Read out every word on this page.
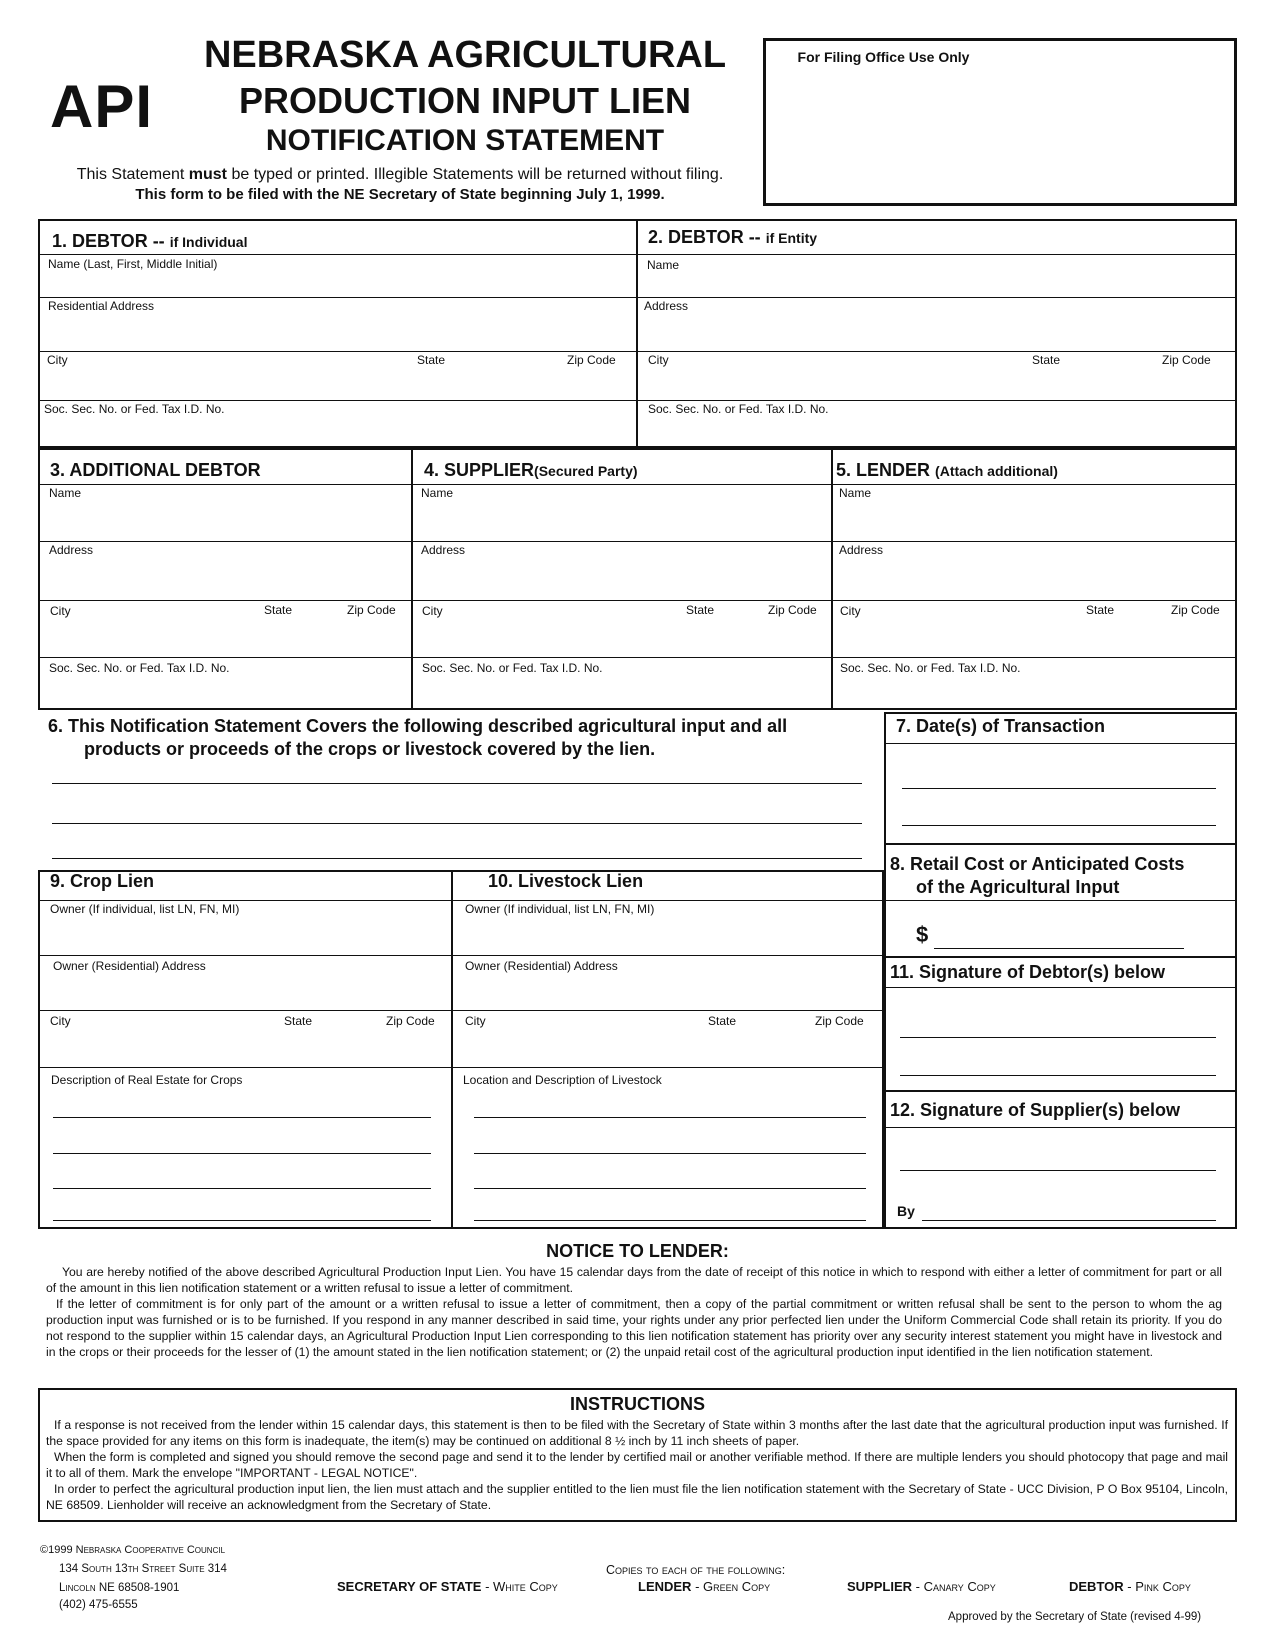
API
NEBRASKA AGRICULTURAL
PRODUCTION INPUT LIEN
NOTIFICATION STATEMENT
This Statement must be typed or printed. Illegible Statements will be returned without filing.
This form to be filed with the NE Secretary of State beginning July 1, 1999.
For Filing Office Use Only
1. DEBTOR -- if Individual
Name (Last, First, Middle Initial)
Residential Address
City	State	Zip Code
Soc. Sec. No. or Fed. Tax I.D. No.
2. DEBTOR -- if Entity
Name
Address
City	State	Zip Code
Soc. Sec. No. or Fed. Tax I.D. No.
3. ADDITIONAL DEBTOR
Name
Address
City	State	Zip Code
Soc. Sec. No. or Fed. Tax I.D. No.
4. SUPPLIER(Secured Party)
Name
Address
City	State	Zip Code
Soc. Sec. No. or Fed. Tax I.D. No.
5. LENDER (Attach additional)
Name
Address
City	State	Zip Code
Soc. Sec. No. or Fed. Tax I.D. No.
6. This Notification Statement Covers the following described agricultural input and all
products or proceeds of the crops or livestock covered by the lien.
7. Date(s) of Transaction
8. Retail Cost or Anticipated Costs
of the Agricultural Input
$
11. Signature of Debtor(s) below
12. Signature of Supplier(s) below
By
9. Crop Lien
Owner (If individual, list LN, FN, MI)
Owner (Residential) Address
City	State	Zip Code
Description of Real Estate for Crops
10. Livestock Lien
Owner (If individual, list LN, FN, MI)
Owner (Residential) Address
City	State	Zip Code
Location and Description of Livestock
NOTICE TO LENDER:
You are hereby notified of the above described Agricultural Production Input Lien. You have 15 calendar days from the date of receipt of this notice in which to respond with either a letter of commitment for part or all of the amount in this lien notification statement or a written refusal to issue a letter of commitment.
If the letter of commitment is for only part of the amount or a written refusal to issue a letter of commitment, then a copy of the partial commitment or written refusal shall be sent to the person to whom the ag production input was furnished or is to be furnished. If you respond in any manner described in said time, your rights under any prior perfected lien under the Uniform Commercial Code shall retain its priority. If you do not respond to the supplier within 15 calendar days, an Agricultural Production Input Lien corresponding to this lien notification statement has priority over any security interest statement you might have in livestock and in the crops or their proceeds for the lesser of (1) the amount stated in the lien notification statement; or (2) the unpaid retail cost of the agricultural production input identified in the lien notification statement.
INSTRUCTIONS
If a response is not received from the lender within 15 calendar days, this statement is then to be filed with the Secretary of State within 3 months after the last date that the agricultural production input was furnished. If the space provided for any items on this form is inadequate, the item(s) may be continued on additional 8 ½ inch by 11 inch sheets of paper.
When the form is completed and signed you should remove the second page and send it to the lender by certified mail or another verifiable method. If there are multiple lenders you should photocopy that page and mail it to all of them. Mark the envelope "IMPORTANT - LEGAL NOTICE".
In order to perfect the agricultural production input lien, the lien must attach and the supplier entitled to the lien must file the lien notification statement with the Secretary of State - UCC Division, P O Box 95104, Lincoln, NE 68509. Lienholder will receive an acknowledgment from the Secretary of State.
©1999 Nebraska Cooperative Council
134 South 13th Street Suite 314
Lincoln NE 68508-1901
(402) 475-6555
Copies to each of the following:
SECRETARY OF STATE - White Copy	LENDER - Green Copy	SUPPLIER - Canary Copy	DEBTOR - Pink Copy
Approved by the Secretary of State (revised 4-99)
